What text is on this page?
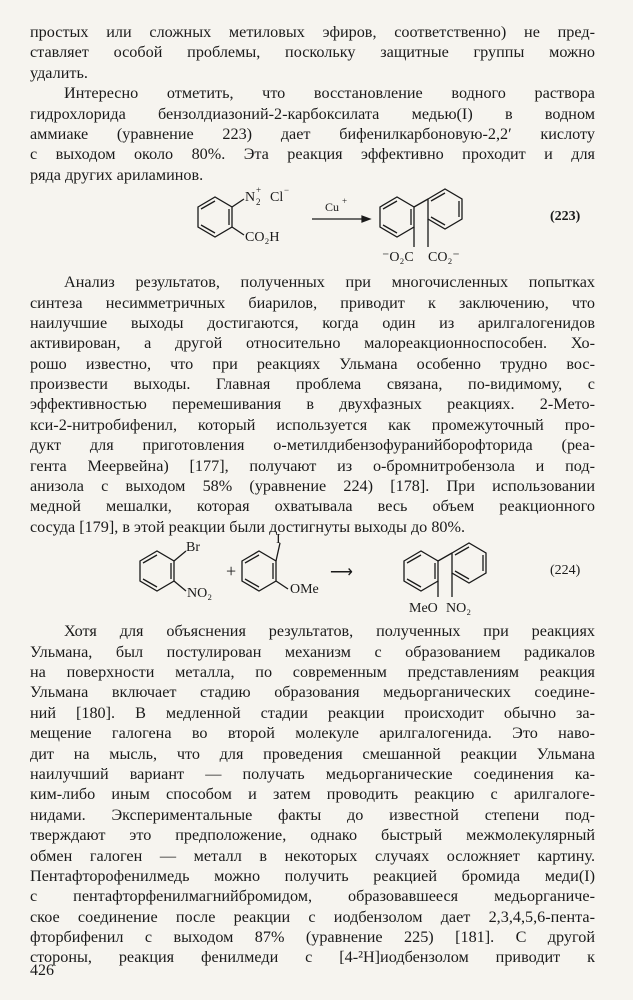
простых или сложных метиловых эфиров, соответственно) не пред-
ставляет особой проблемы, поскольку защитные группы можно
удалить.
Интересно отметить, что восстановление водного раствора
гидрохлорида бензолдиазоний-2-карбоксилата медью(I) в водном
аммиаке (уравнение 223) дает бифенилкарбоновую-2,2′ кислоту
с выходом около 80%. Эта реакция эффективно проходит и для
ряда других ариламинов.
N +
2 Cl −
CO₂H
Cu +
⁻O₂C CO₂⁻
(223)
Анализ результатов, полученных при многочисленных попытках
синтеза несимметричных биарилов, приводит к заключению, что
наилучшие выходы достигаются, когда один из арилгалогенидов
активирован, а другой относительно малореакционноспособен. Хо-
рошо известно, что при реакциях Ульмана особенно трудно вос-
произвести выходы. Главная проблема связана, по-видимому, с
эффективностью перемешивания в двухфазных реакциях. 2-Мето-
кси-2-нитробифенил, который используется как промежуточный про-
дукт для приготовления о-метилдибензофуранийборофторида (реа-
гента Меервейна) [177], получают из о-бромнитробензола и под-
анизола с выходом 58% (уравнение 224) [178]. При использовании
медной мешалки, которая охватывала весь объем реакционного
сосуда [179], в этой реакции были достигнуты выходы до 80%.
Br
NO₂
+
I
OMe
⟶
MeO NO₂
(224)
Хотя для объяснения результатов, полученных при реакциях
Ульмана, был постулирован механизм с образованием радикалов
на поверхности металла, по современным представлениям реакция
Ульмана включает стадию образования медьорганических соедине-
ний [180]. В медленной стадии реакции происходит обычно за-
мещение галогена во второй молекуле арилгалогенида. Это наво-
дит на мысль, что для проведения смешанной реакции Ульмана
наилучший вариант — получать медьорганические соединения ка-
ким-либо иным способом и затем проводить реакцию с арилгалоге-
нидами. Экспериментальные факты до известной степени под-
тверждают это предположение, однако быстрый межмолекулярный
обмен галоген — металл в некоторых случаях осложняет картину.
Пентафторофенилмедь можно получить реакцией бромида меди(I)
с пентафторфенилмагнийбромидом, образовавшееся медьорганиче-
ское соединение после реакции с иодбензолом дает 2,3,4,5,6-пента-
фторбифенил с выходом 87% (уравнение 225) [181]. С другой
стороны, реакция фенилмеди с [4-²H]иодбензолом приводит к
426
